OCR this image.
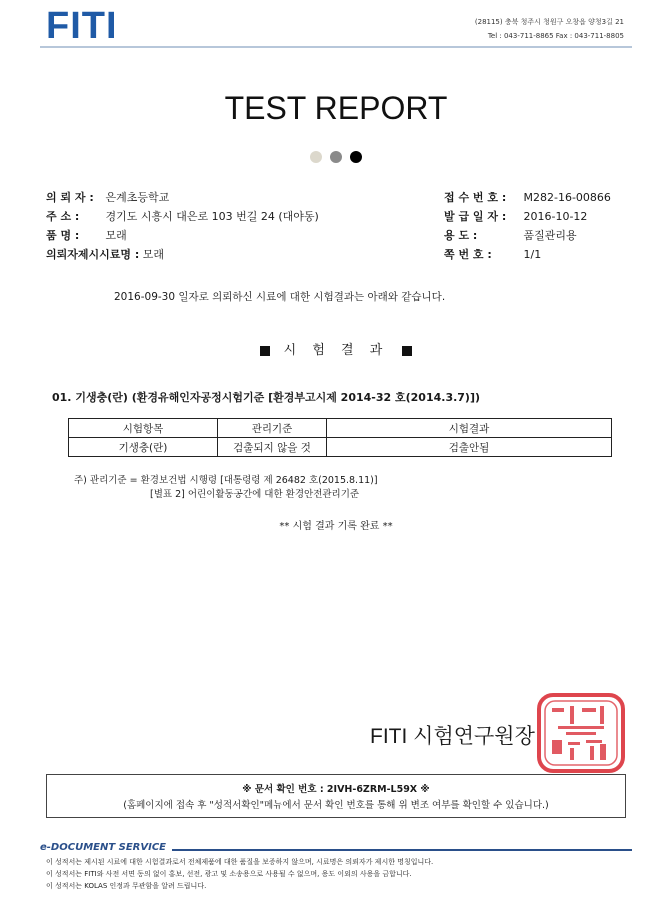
FITI	(28115) 충북 청주시 청원구 오창읍 양청3길 21
Tel : 043-711-8865 Fax : 043-711-8805
TEST REPORT
의 뢰 자 : 은계초등학교
주 소 : 경기도 시흥시 대은로 103 번길 24 (대야동)
품 명 : 모래
의뢰자제시시료명 : 모래
접 수 번 호 : M282-16-00866
발 급 일 자 : 2016-10-12
용 도 :	품질관리용
쪽 번 호 :	1/1
2016-09-30 일자로 의뢰하신 시료에 대한 시험결과는 아래와 같습니다.
시 험 결 과
01. 기생충(란) (환경유해인자공정시험기준 [환경부고시제 2014-32 호(2014.3.7)])
시험항목	관리기준	시험결과
기생충(란)	검출되지 않을 것	검출안됨
주) 관리기준 = 환경보건법 시행령 [대통령령 제 26482 호(2015.8.11)]
[별표 2] 어린이활동공간에 대한 환경안전관리기준
** 시험 결과 기록 완료 **
FITI 시험연구원장
※ 문서 확인 번호 : 2IVH-6ZRM-L59X ※
(홈페이지에 접속 후 "성적서확인"메뉴에서 문서 확인 번호를 통해 위 변조 여부를 확인할 수 있습니다.)
e-DOCUMENT SERVICE
이 성적서는 제시된 시료에 대한 시험결과로서 전체제품에 대한 품질을 보증하지 않으며, 시료명은 의뢰자가 제시한 명칭입니다.
이 성적서는 FITI와 사전 서면 동의 없이 홍보, 선전, 광고 및 소송용으로 사용될 수 없으며, 용도 이외의 사용을 금합니다.
이 성적서는 KOLAS 인정과 무관함을 알려 드립니다.
